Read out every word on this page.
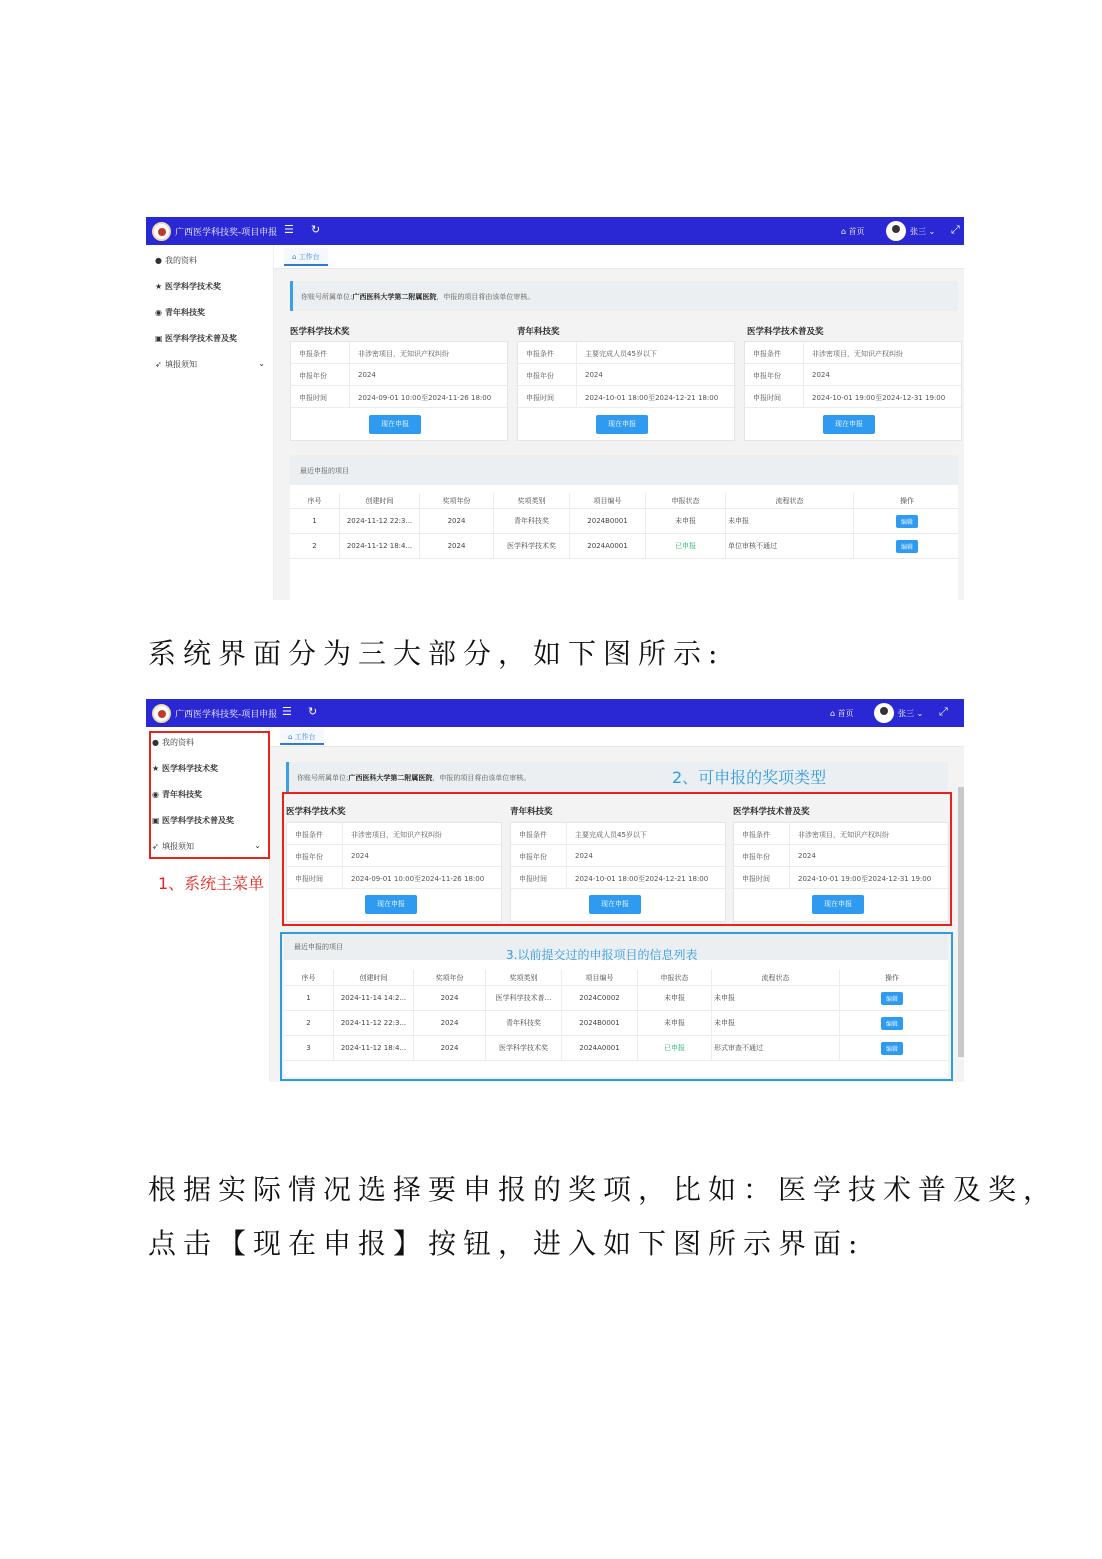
广西医学科技奖-项目申报 ☰ ↻	⌂ 首页	张三 ⌄ ⤢
● 我的资料
★ 医学科学技术奖
◉ 青年科技奖
▣ 医学科学技术普及奖
➶ 填报须知	⌄
⌂ 工作台
你账号所属单位:广西医科大学第二附属医院，申报的项目将由该单位审核。
医学科学技术奖	青年科技奖	医学科学技术普及奖
申报条件	非涉密项目，无知识产权纠纷
申报年份	2024
申报时间	2024-09-01 10:00至2024-11-26 18:00
现在申报
申报条件	主要完成人员45岁以下
申报年份	2024
申报时间	2024-10-01 18:00至2024-12-21 18:00
现在申报
申报条件	非涉密项目，无知识产权纠纷
申报年份	2024
申报时间	2024-10-01 19:00至2024-12-31 19:00
现在申报
最近申报的项目
序号	创建时间	奖项年份	奖项类别	项目编号	申报状态	流程状态	操作
1	2024-11-12 22:3...	2024	青年科技奖	2024B0001	未申报	未申报	编辑
2	2024-11-12 18:4...	2024	医学科学技术奖	2024A0001	已申报	单位审核不通过	编辑
系统界面分为三大部分，如下图所示:
广西医学科技奖-项目申报 ☰ ↻	⌂ 首页	张三 ⌄ ⤢
● 我的资料
★ 医学科学技术奖
◉ 青年科技奖
▣ 医学科学技术普及奖
➶ 填报须知	⌄
⌂ 工作台
你账号所属单位:广西医科大学第二附属医院，申报的项目将由该单位审核。
医学科学技术奖	青年科技奖	医学科学技术普及奖
申报条件	非涉密项目，无知识产权纠纷
申报年份	2024
申报时间	2024-09-01 10:00至2024-11-26 18:00
现在申报
申报条件	主要完成人员45岁以下
申报年份	2024
申报时间	2024-10-01 18:00至2024-12-21 18:00
现在申报
申报条件	非涉密项目，无知识产权纠纷
申报年份	2024
申报时间	2024-10-01 19:00至2024-12-31 19:00
现在申报
最近申报的项目
序号	创建时间	奖项年份	奖项类别	项目编号	申报状态	流程状态	操作
1	2024-11-14 14:2...	2024	医学科学技术普...	2024C0002	未申报	未申报	编辑
2	2024-11-12 22:3...	2024	青年科技奖	2024B0001	未申报	未申报	编辑
3	2024-11-12 18:4...	2024	医学科学技术奖	2024A0001	已申报	形式审查不通过	编辑
1、系统主菜单
2、可申报的奖项类型
3.以前提交过的申报项目的信息列表
根据实际情况选择要申报的奖项，比如：医学技术普及奖，
点击【现在申报】按钮，进入如下图所示界面:
